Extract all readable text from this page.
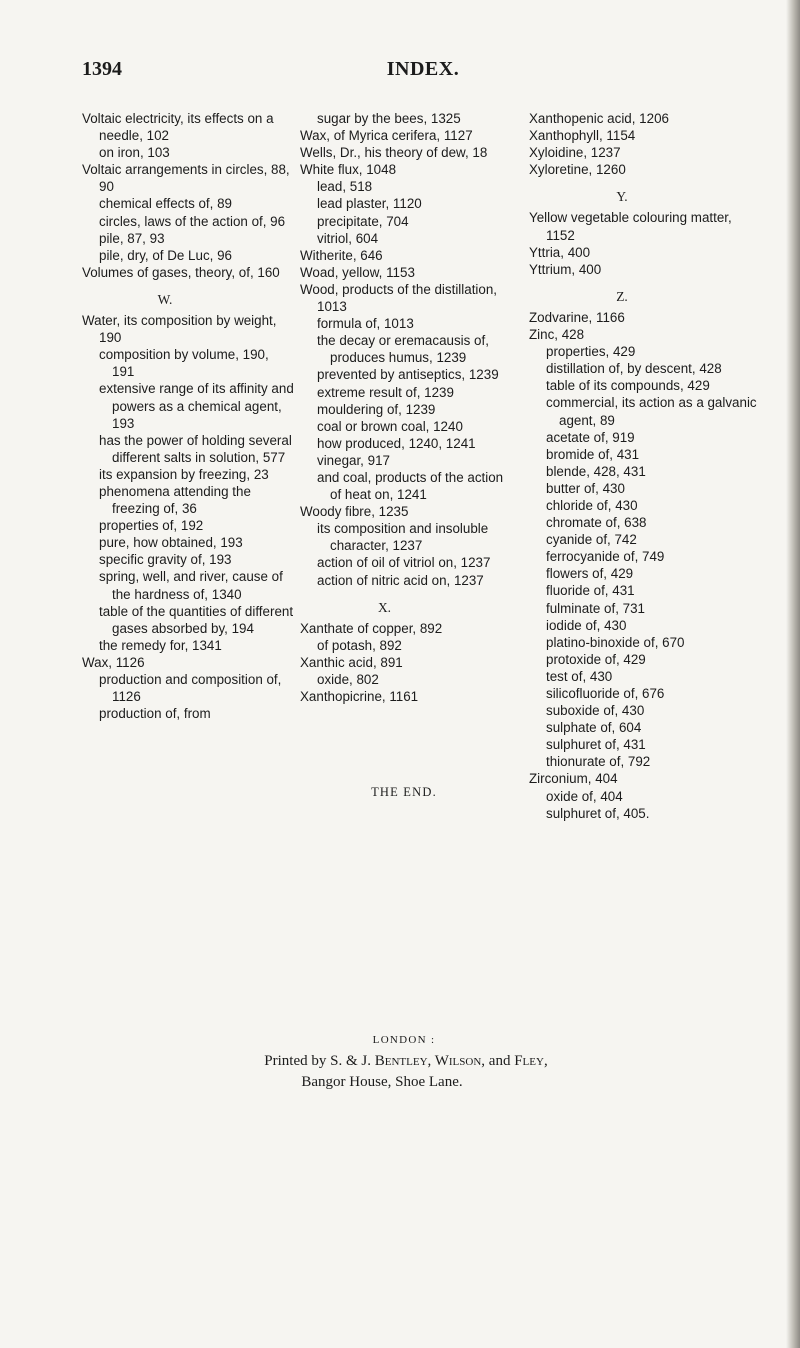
1394	INDEX.
Voltaic electricity, its effects on a needle, 102
on iron, 103
Voltaic arrangements in circles, 88, 90
chemical effects of, 89
circles, laws of the action of, 96
pile, 87, 93
pile, dry, of De Luc, 96
Volumes of gases, theory, of, 160
W.
Water, its composition by weight, 190
composition by volume, 190, 191
extensive range of its affinity and powers as a chemical agent, 193
has the power of holding several different salts in solution, 577
its expansion by freezing, 23
phenomena attending the freezing of, 36
properties of, 192
pure, how obtained, 193
specific gravity of, 193
spring, well, and river, cause of the hardness of, 1340
table of the quantities of different gases absorbed by, 194
the remedy for, 1341
Wax, 1126
production and composition of, 1126
production of, from
sugar by the bees, 1325
Wax, of Myrica cerifera, 1127
Wells, Dr., his theory of dew, 18
White flux, 1048
lead, 518
lead plaster, 1120
precipitate, 704
vitriol, 604
Witherite, 646
Woad, yellow, 1153
Wood, products of the distillation, 1013
formula of, 1013
the decay or eremacausis of, produces humus, 1239
prevented by antiseptics, 1239
extreme result of, 1239
mouldering of, 1239
coal or brown coal, 1240
how produced, 1240, 1241
vinegar, 917
and coal, products of the action of heat on, 1241
Woody fibre, 1235
its composition and insoluble character, 1237
action of oil of vitriol on, 1237
action of nitric acid on, 1237
X.
Xanthate of copper, 892
of potash, 892
Xanthic acid, 891
oxide, 802
Xanthopicrine, 1161
Xanthopenic acid, 1206
Xanthophyll, 1154
Xyloidine, 1237
Xyloretine, 1260
Y.
Yellow vegetable colouring matter, 1152
Yttria, 400
Yttrium, 400
Z.
Zodvarine, 1166
Zinc, 428
properties, 429
distillation of, by descent, 428
table of its compounds, 429
commercial, its action as a galvanic agent, 89
acetate of, 919
bromide of, 431
blende, 428, 431
butter of, 430
chloride of, 430
chromate of, 638
cyanide of, 742
ferrocyanide of, 749
flowers of, 429
fluoride of, 431
fulminate of, 731
iodide of, 430
platino-binoxide of, 670
protoxide of, 429
test of, 430
silicofluoride of, 676
suboxide of, 430
sulphate of, 604
sulphuret of, 431
thionurate of, 792
Zirconium, 404
oxide of, 404
sulphuret of, 405.
THE END.
LONDON :
Printed by S. & J. Bentley, Wilson, and Fley,
Bangor House, Shoe Lane.
